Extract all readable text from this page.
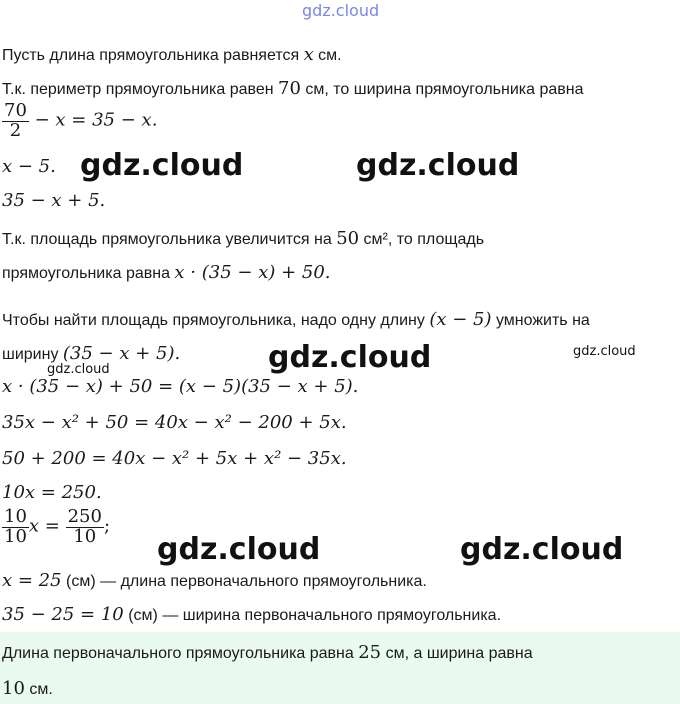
gdz.cloud
Пусть длина прямоугольника равняется x см.
Т.к. периметр прямоугольника равен 70 см, то ширина прямоугольника равна
$\frac{70}{2} - x = 35 - x$.
x − 5.
35 − x + 5.
Т.к. площадь прямоугольника увеличится на 50 см², то площадь
прямоугольника равна x · (35 − x) + 50.
Чтобы найти площадь прямоугольника, надо одну длину (x − 5) умножить на
ширину (35 − x + 5).
x · (35 − x) + 50 = (x − 5)(35 − x + 5).
35x − x² + 50 = 40x − x² − 200 + 5x.
50 + 200 = 40x − x² + 5x + x² − 35x.
10x = 250.
$\frac{10}{10}$ $x = \frac{250}{10}$ ;
x = 25 (см) — длина первоначального прямоугольника.
35 − 25 = 10 (см) — ширина первоначального прямоугольника.
Длина первоначального прямоугольника равна 25 см, а ширина равна
10 см.
gdz.cloud	gdz.cloud
gdz.cloud	gdz.cloud
gdz.cloud
gdz.cloud	gdz.cloud
